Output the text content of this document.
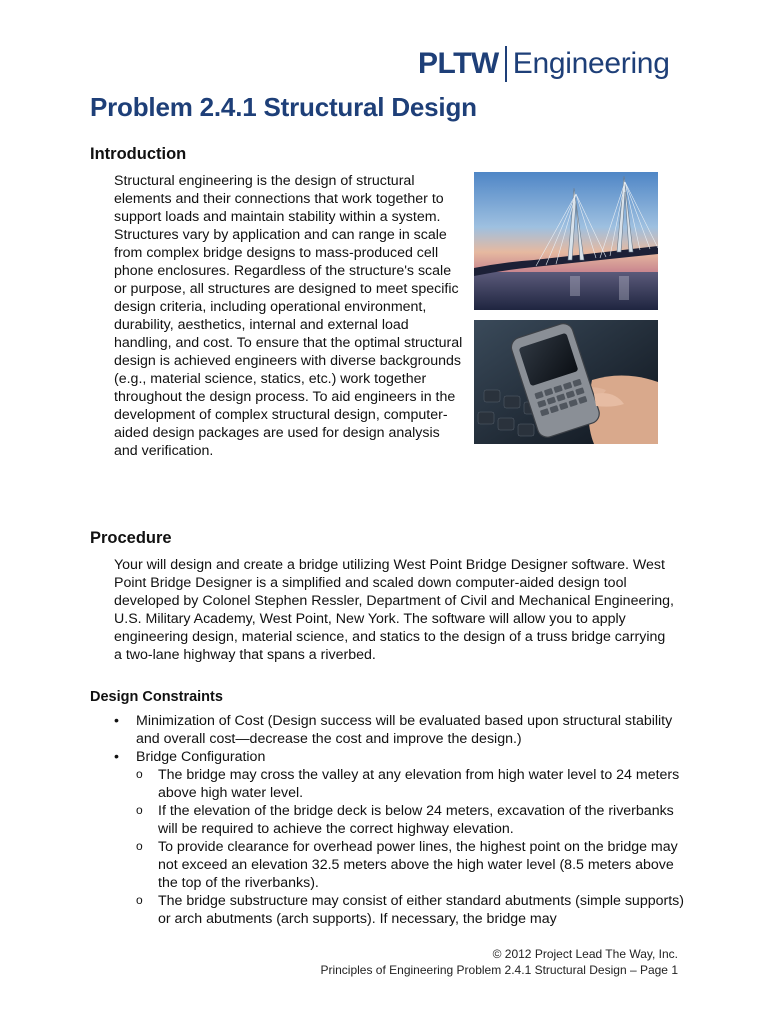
PLTW Engineering
Problem 2.4.1 Structural Design
Introduction

Structural engineering is the design of structural elements and their connections that work together to support loads and maintain stability within a system. Structures vary by application and can range in scale from complex bridge designs to mass-produced cell phone enclosures. Regardless of the structure's scale or purpose, all structures are designed to meet specific design criteria, including operational environment, durability, aesthetics, internal and external load handling, and cost. To ensure that the optimal structural design is achieved engineers with diverse backgrounds (e.g., material science, statics, etc.) work together throughout the design process. To aid engineers in the development of complex structural design, computer-aided design packages are used for design analysis and verification.

Procedure

Your will design and create a bridge utilizing West Point Bridge Designer software. West Point Bridge Designer is a simplified and scaled down computer-aided design tool developed by Colonel Stephen Ressler, Department of Civil and Mechanical Engineering, U.S. Military Academy, West Point, New York. The software will allow you to apply engineering design, material science, and statics to the design of a truss bridge carrying a two-lane highway that spans a riverbed.

Design Constraints
• Minimization of Cost (Design success will be evaluated based upon structural stability and overall cost—decrease the cost and improve the design.)
• Bridge Configuration
o The bridge may cross the valley at any elevation from high water level to 24 meters above high water level.
o If the elevation of the bridge deck is below 24 meters, excavation of the riverbanks will be required to achieve the correct highway elevation.
o To provide clearance for overhead power lines, the highest point on the bridge may not exceed an elevation 32.5 meters above the high water level (8.5 meters above the top of the riverbanks).
o The bridge substructure may consist of either standard abutments (simple supports) or arch abutments (arch supports). If necessary, the bridge may
© 2012 Project Lead The Way, Inc.
Principles of Engineering Problem 2.4.1 Structural Design – Page 1
